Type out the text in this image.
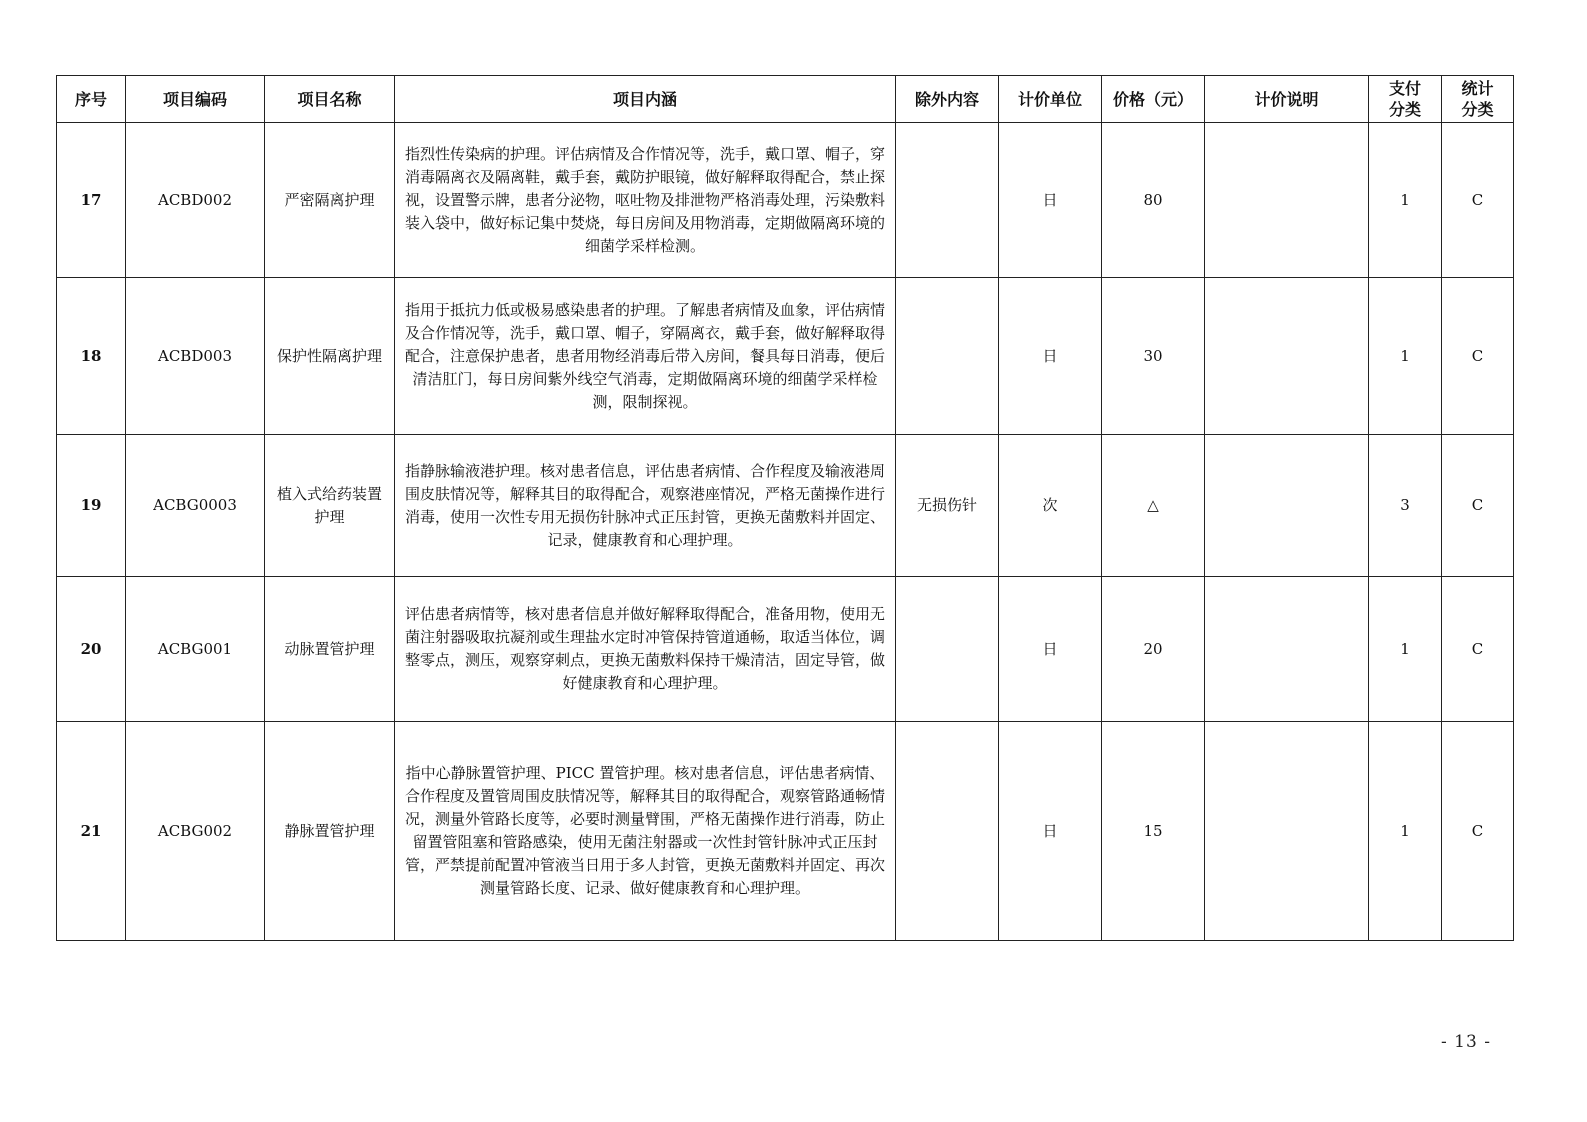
序号	项目编码	项目名称	项目内涵	除外内容	计价单位	价格（元）	计价说明	支付分类	统计分类
17	ACBD002	严密隔离护理	指烈性传染病的护理。评估病情及合作情况等，洗手，戴口罩、帽子，穿消毒隔离衣及隔离鞋，戴手套，戴防护眼镜，做好解释取得配合，禁止探视，设置警示牌，患者分泌物，呕吐物及排泄物严格消毒处理，污染敷料装入袋中，做好标记集中焚烧，每日房间及用物消毒，定期做隔离环境的细菌学采样检测。		日	80		1	C
18	ACBD003	保护性隔离护理	指用于抵抗力低或极易感染患者的护理。了解患者病情及血象，评估病情及合作情况等，洗手，戴口罩、帽子，穿隔离衣，戴手套，做好解释取得配合，注意保护患者，患者用物经消毒后带入房间，餐具每日消毒，便后清洁肛门，每日房间紫外线空气消毒，定期做隔离环境的细菌学采样检测，限制探视。		日	30		1	C
19	ACBG0003	植入式给药装置护理	指静脉输液港护理。核对患者信息，评估患者病情、合作程度及输液港周围皮肤情况等，解释其目的取得配合，观察港座情况，严格无菌操作进行消毒，使用一次性专用无损伤针脉冲式正压封管，更换无菌敷料并固定、记录，健康教育和心理护理。	无损伤针	次	△		3	C
20	ACBG001	动脉置管护理	评估患者病情等，核对患者信息并做好解释取得配合，准备用物，使用无菌注射器吸取抗凝剂或生理盐水定时冲管保持管道通畅，取适当体位，调整零点，测压，观察穿刺点，更换无菌敷料保持干燥清洁，固定导管，做好健康教育和心理护理。		日	20		1	C
21	ACBG002	静脉置管护理	指中心静脉置管护理、PICC 置管护理。核对患者信息，评估患者病情、合作程度及置管周围皮肤情况等，解释其目的取得配合，观察管路通畅情况，测量外管路长度等，必要时测量臂围，严格无菌操作进行消毒，防止留置管阻塞和管路感染，使用无菌注射器或一次性封管针脉冲式正压封管，严禁提前配置冲管液当日用于多人封管，更换无菌敷料并固定、再次测量管路长度、记录、做好健康教育和心理护理。		日	15		1	C
- 13 -
